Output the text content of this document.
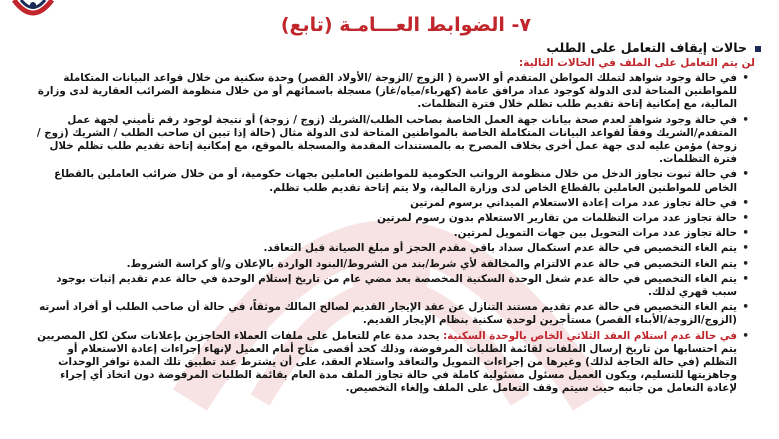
٧- الضوابط العـــامـة (تابع)
حالات إيقاف التعامل على الطلب
لن يتم التعامل على الملف في الحالات التالية:
• في حالة وجود شواهد لتملك المواطن المتقدم أو الاسرة ( الزوج /الزوجة /الأولاد القصر) وحدة سكنية من خلال قواعد البيانات المتكاملة للمواطنين المتاحة لدى الدولة كوجود عداد مرافق عامة (كهرباء/مياه/غاز) مسجلة باسمائهم أو من خلال منظومة الضرائب العقارية لدى وزارة المالية، مع إمكانية إتاحة تقديم طلب تظلم خلال فترة التظلمات.
• في حالة وجود شواهد لعدم صحة بيانات جهة العمل الخاصة بصاحب الطلب/الشريك (زوج / زوجة) أو نتيجة لوجود رقم تأميني لجهة عمل المتقدم/الشريك وفقاً لقواعد البيانات المتكاملة الخاصة بالمواطنين المتاحة لدى الدولة مثال (حالة إذا تبين ان صاحب الطلب / الشريك (زوج / زوجة) مؤمن عليه لدى جهة عمل أخرى بخلاف المصرح به بالمستندات المقدمة والمسجلة بالموقع، مع إمكانية إتاحة تقديم طلب تظلم خلال فترة التظلمات.
• في حالة ثبوت تجاوز الدخل من خلال منظومة الرواتب الحكومية للمواطنين العاملين بجهات حكومية، أو من خلال ضرائب العاملين بالقطاع الخاص للمواطنين العاملين بالقطاع الخاص لدى وزارة المالية، ولا يتم إتاحة تقديم طلب تظلم.
• في حالة تجاوز عدد مرات إعادة الاستعلام الميداني برسوم لمرتين
• حالة تجاوز عدد مرات التظلمات من تقارير الاستعلام بدون رسوم لمرتين
• حالة تجاوز عدد مرات التحويل بين جهات التمويل لمرتين.
• يتم الغاء التخصيص في حالة عدم استكمال سداد باقي مقدم الحجز أو مبلغ الصيانة قبل التعاقد.
• يتم الغاء التخصيص في حالة عدم الالتزام والمخالفة لأي شرط/بند من الشروط/البنود الواردة بالإعلان و/أو كراسة الشروط.
• يتم الغاء التخصيص في حالة عدم شغل الوحدة السكنية المخصصة بعد مضي عام من تاريخ إستلام الوحدة في حالة عدم تقديم إثبات بوجود سبب قهري لذلك.
• يتم الغاء التخصيص في حالة عدم تقديم مستند التنازل عن عقد الإيجار القديم لصالح المالك موثقاً، في حالة أن صاحب الطلب أو أفراد أسرته (الزوج/الزوجة/الأبناء القصر) مستأجرين لوحدة سكنية بنظام الإيجار القديم.
• في حالة عدم استلام العقد الثلاثي الخاص بالوحدة السكنية: يحدد مدة عام للتعامل على ملفات العملاء الحاجزين بإعلانات سكن لكل المصريين يتم احتسابها من تاريخ إرسال الملفات لقائمة الطلبات المرفوضة، وذلك كحد أقصى متاح أمام العميل لإنهاء إجراءات إعادة الاستعلام أو التظلم (في حالة الحاجة لذلك) وغيرها من إجراءات التمويل والتعاقد واستلام العقد، على أن يشترط عند تطبيق تلك المدة توافر الوحدات وجاهزيتها للتسليم، ويكون العميل مسئول مسئولية كاملة في حالة تجاوز الملف مدة العام بقائمة الطلبات المرفوضة دون اتخاذ أي إجراء لإعادة التعامل من جانبه حيث سيتم وقف التعامل على الملف وإلغاء التخصيص.
